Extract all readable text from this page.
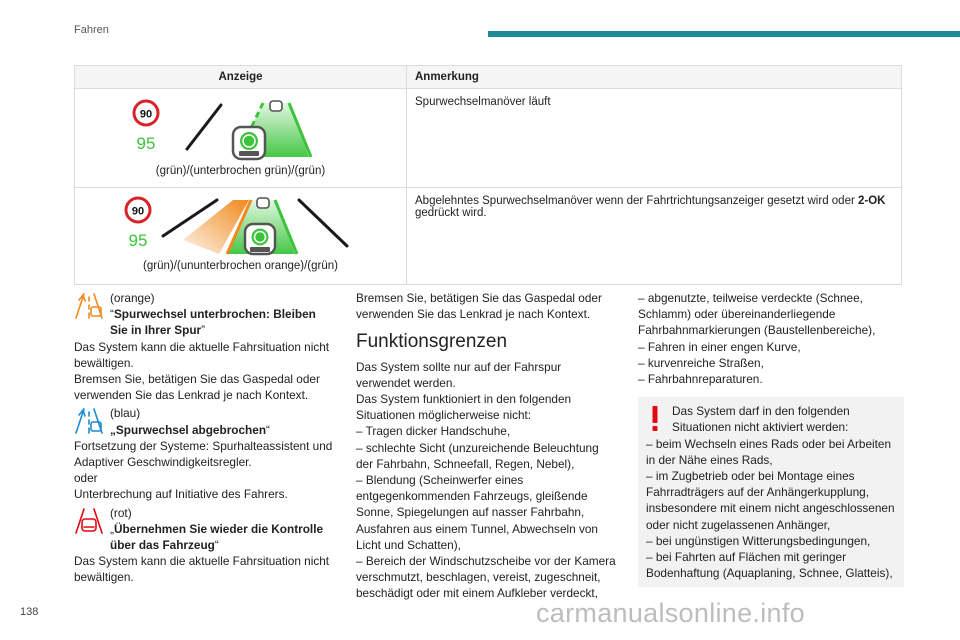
Fahren
Anzeige	Anmerkung

90
95
(grün)/(unterbrochen grün)/(grün)	Spurwechselmanöver läuft

90
95
(grün)/(ununterbrochen orange)/(grün)	Abgelehntes Spurwechselmanöver wenn der Fahrtrichtungsanzeiger gesetzt wird oder 2-OK gedrückt wird.
(orange)
“Spurwechsel unterbrochen: Bleiben Sie in Ihrer Spur”
Das System kann die aktuelle Fahrsituation nicht bewältigen.
Bremsen Sie, betätigen Sie das Gaspedal oder verwenden Sie das Lenkrad je nach Kontext.
(blau)
„Spurwechsel abgebrochen“
Fortsetzung der Systeme: Spurhalteassistent und Adaptiver Geschwindigkeitsregler.
oder
Unterbrechung auf Initiative des Fahrers.
(rot)
„Übernehmen Sie wieder die Kontrolle über das Fahrzeug“
Das System kann die aktuelle Fahrsituation nicht bewältigen.
Bremsen Sie, betätigen Sie das Gaspedal oder verwenden Sie das Lenkrad je nach Kontext.
Funktionsgrenzen
Das System sollte nur auf der Fahrspur verwendet werden.
Das System funktioniert in den folgenden Situationen möglicherweise nicht:
– Tragen dicker Handschuhe,
– schlechte Sicht (unzureichende Beleuchtung der Fahrbahn, Schneefall, Regen, Nebel),
– Blendung (Scheinwerfer eines entgegenkommenden Fahrzeugs, gleißende Sonne, Spiegelungen auf nasser Fahrbahn, Ausfahren aus einem Tunnel, Abwechseln von Licht und Schatten),
– Bereich der Windschutzscheibe vor der Kamera verschmutzt, beschlagen, vereist, zugeschneit, beschädigt oder mit einem Aufkleber verdeckt,
– abgenutzte, teilweise verdeckte (Schnee, Schlamm) oder übereinanderliegende Fahrbahnmarkierungen (Baustellenbereiche),
– Fahren in einer engen Kurve,
– kurvenreiche Straßen,
– Fahrbahnreparaturen.
Das System darf in den folgenden Situationen nicht aktiviert werden:
– beim Wechseln eines Rads oder bei Arbeiten in der Nähe eines Rads,
– im Zugbetrieb oder bei Montage eines Fahrradträgers auf der Anhängerkupplung, insbesondere mit einem nicht angeschlossenen oder nicht zugelassenen Anhänger,
– bei ungünstigen Witterungsbedingungen,
– bei Fahrten auf Flächen mit geringer Bodenhaftung (Aquaplaning, Schnee, Glatteis),
138	carmanualsonline.info
